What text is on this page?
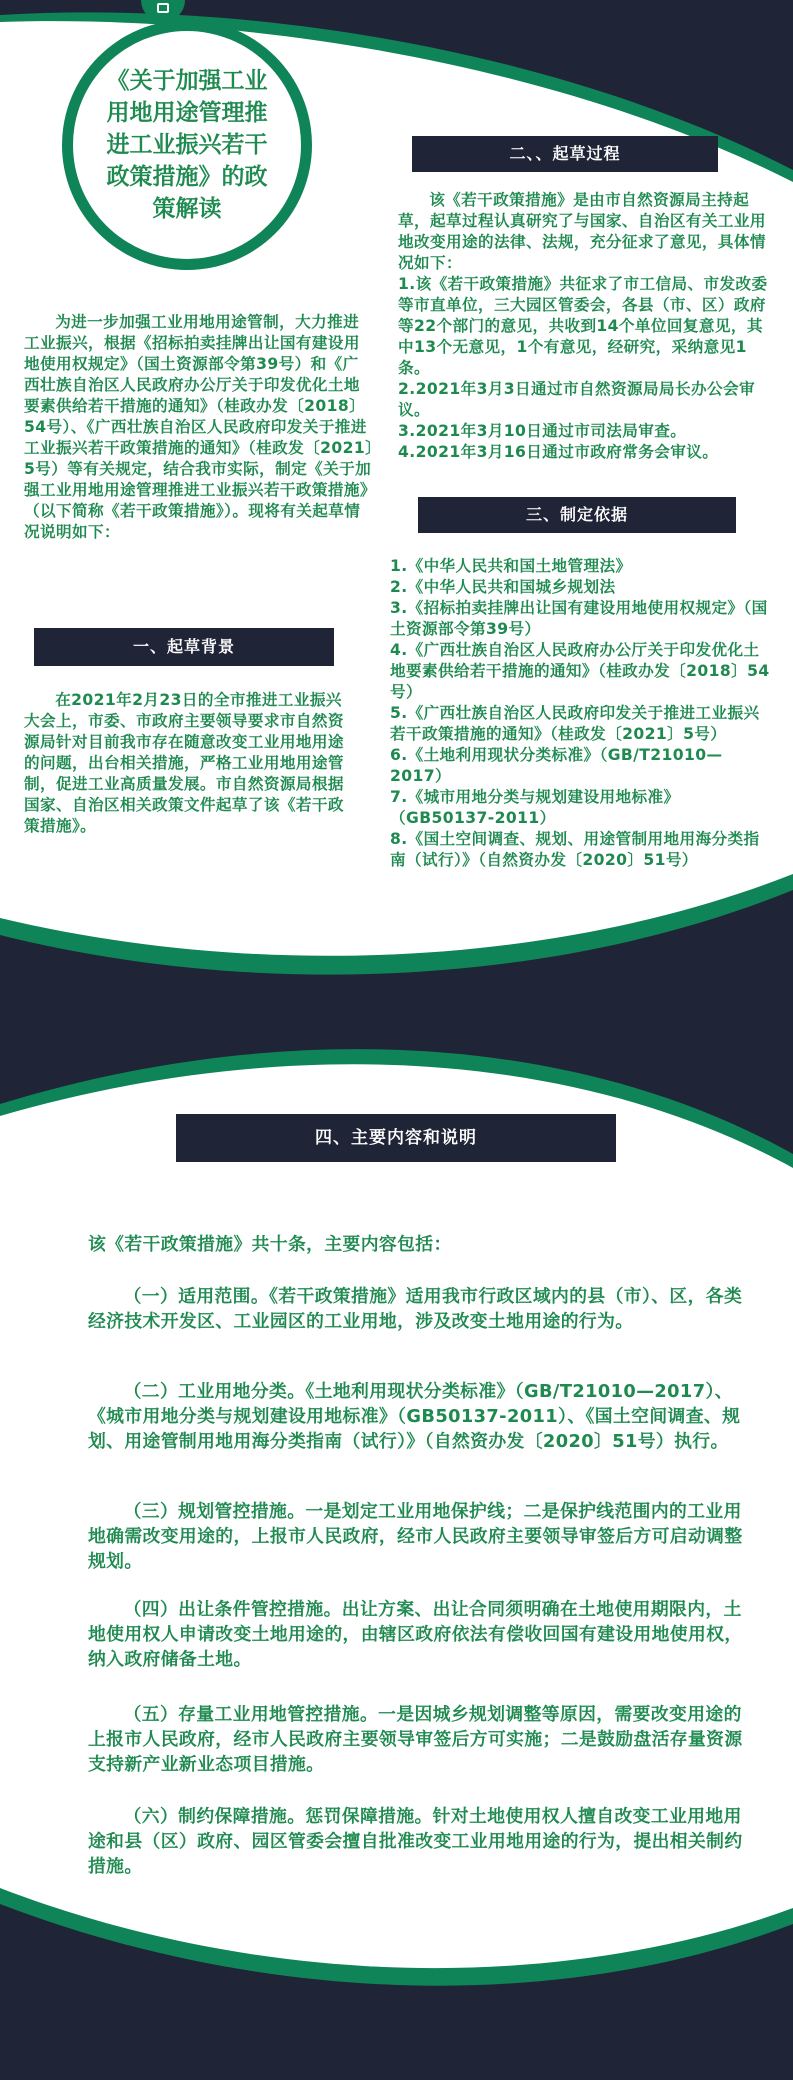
《关于加强工业用地用途管理推进工业振兴若干政策措施》的政策解读
为进一步加强工业用地用途管制，大力推进工业振兴，根据《招标拍卖挂牌出让国有建设用地使用权规定》（国土资源部令第39号）和《广西壮族自治区人民政府办公厅关于印发优化土地要素供给若干措施的通知》（桂政办发〔2018〕54号）、《广西壮族自治区人民政府印发关于推进工业振兴若干政策措施的通知》（桂政发〔2021〕5号）等有关规定，结合我市实际，制定《关于加强工业用地用途管理推进工业振兴若干政策措施》（以下简称《若干政策措施》）。现将有关起草情况说明如下：
一、起草背景
在2021年2月23日的全市推进工业振兴大会上，市委、市政府主要领导要求市自然资源局针对目前我市存在随意改变工业用地用途的问题，出台相关措施，严格工业用地用途管制，促进工业高质量发展。市自然资源局根据国家、自治区相关政策文件起草了该《若干政策措施》。
二、、起草过程

该《若干政策措施》是由市自然资源局主持起草，起草过程认真研究了与国家、自治区有关工业用地改变用途的法律、法规，充分征求了意见，具体情况如下：

1.该《若干政策措施》共征求了市工信局、市发改委等市直单位，三大园区管委会，各县（市、区）政府等22个部门的意见，共收到14个单位回复意见，其中13个无意见，1个有意见，经研究，采纳意见1条。

2.2021年3月3日通过市自然资源局局长办公会审议。

3.2021年3月10日通过市司法局审查。

4.2021年3月16日通过市政府常务会审议。

三、制定依据

1.《中华人民共和国土地管理法》

2.《中华人民共和国城乡规划法

3.《招标拍卖挂牌出让国有建设用地使用权规定》（国土资源部令第39号）

4.《广西壮族自治区人民政府办公厅关于印发优化土地要素供给若干措施的通知》（桂政办发〔2018〕54号）

5.《广西壮族自治区人民政府印发关于推进工业振兴若干政策措施的通知》（桂政发〔2021〕5号）

6.《土地利用现状分类标准》（GB/T21010—2017）

7.《城市用地分类与规划建设用地标准》（GB50137-2011）

8.《国土空间调查、规划、用途管制用地用海分类指南（试行）》（自然资办发〔2020〕51号）

四、主要内容和说明
该《若干政策措施》共十条，主要内容包括：
（一）适用范围。《若干政策措施》适用我市行政区域内的县（市）、区，各类经济技术开发区、工业园区的工业用地，涉及改变土地用途的行为。
（二）工业用地分类。《土地利用现状分类标准》（GB/T21010—2017）、《城市用地分类与规划建设用地标准》（GB50137-2011）、《国土空间调查、规划、用途管制用地用海分类指南（试行）》（自然资办发〔2020〕51号）执行。
（三）规划管控措施。一是划定工业用地保护线；二是保护线范围内的工业用地确需改变用途的，上报市人民政府，经市人民政府主要领导审签后方可启动调整规划。
（四）出让条件管控措施。出让方案、出让合同须明确在土地使用期限内，土地使用权人申请改变土地用途的，由辖区政府依法有偿收回国有建设用地使用权，纳入政府储备土地。
（五）存量工业用地管控措施。一是因城乡规划调整等原因，需要改变用途的上报市人民政府，经市人民政府主要领导审签后方可实施；二是鼓励盘活存量资源支持新产业新业态项目措施。
（六）制约保障措施。惩罚保障措施。针对土地使用权人擅自改变工业用地用途和县（区）政府、园区管委会擅自批准改变工业用地用途的行为，提出相关制约措施。
